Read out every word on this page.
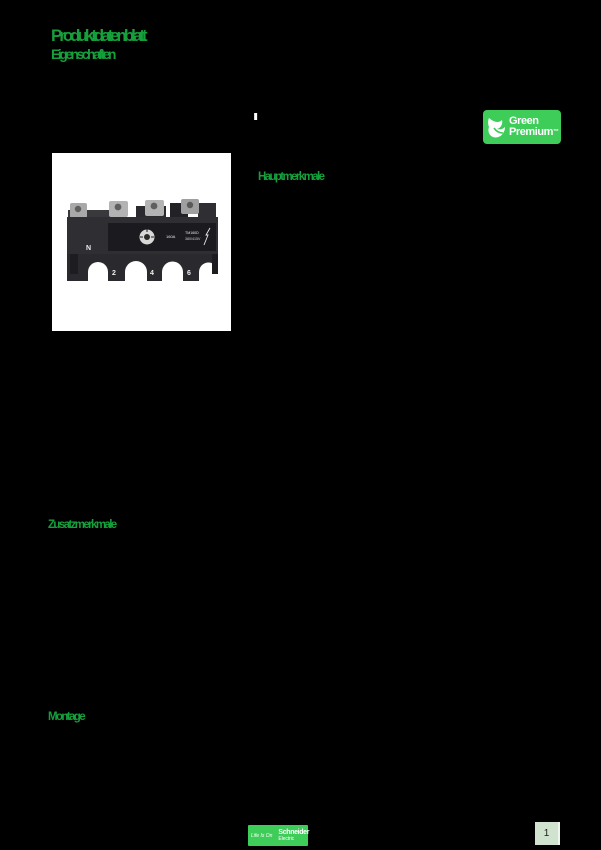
Produktdatenblatt
Eigenschaften
Green
Premium™
160A
TM160D
380/415V
N
2	4	6
Hauptmerkmale
Zusatzmerkmale
Montage
Life Is On Schneider
Electric	1
